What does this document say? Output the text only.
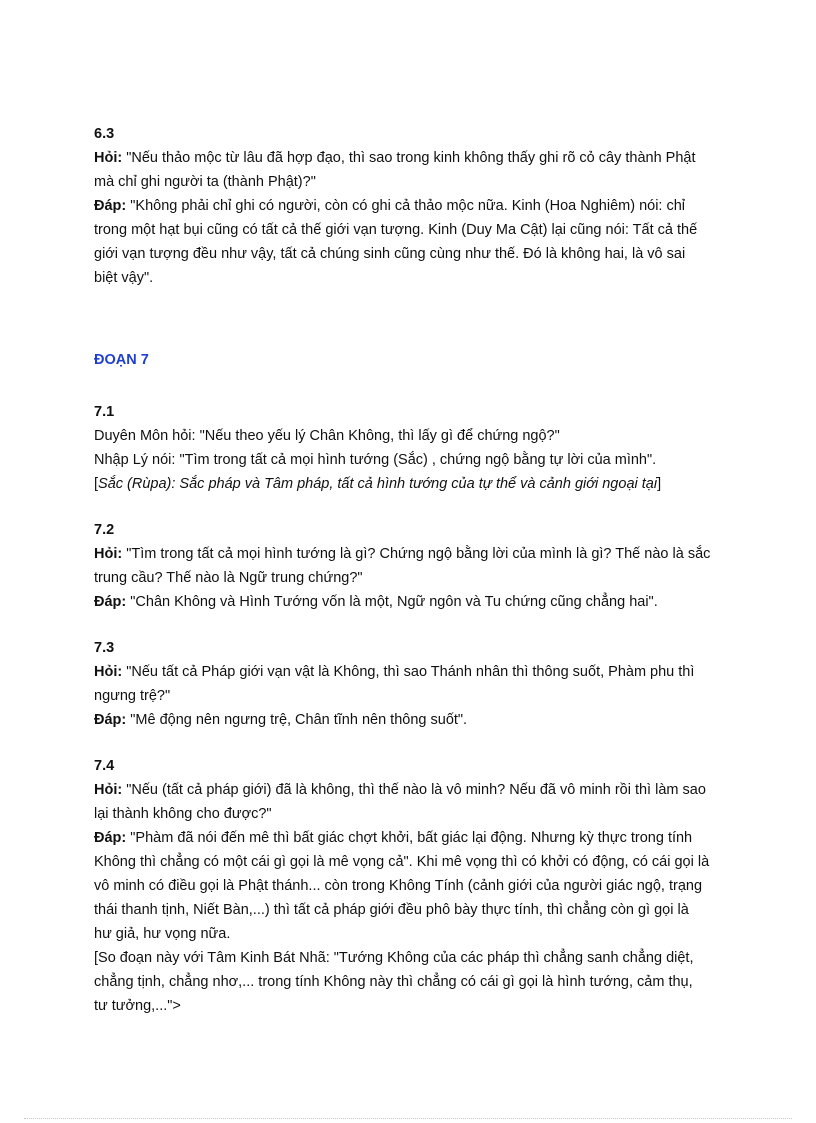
6.3

Hỏi: "Nếu thảo mộc từ lâu đã hợp đạo, thì sao trong kinh không thấy ghi rõ cỏ cây thành Phật

mà chỉ ghi người ta (thành Phật)?"

Đáp: "Không phải chỉ ghi có người, còn có ghi cả thảo mộc nữa. Kinh (Hoa Nghiêm) nói: chỉ

trong một hạt bụi cũng có tất cả thế giới vạn tượng. Kinh (Duy Ma Cật) lại cũng nói: Tất cả thế

giới vạn tượng đều như vậy, tất cả chúng sinh cũng cùng như thế. Đó là không hai, là vô sai

biệt vậy".

ĐOẠN 7

7.1

Duyên Môn hỏi: "Nếu theo yếu lý Chân Không, thì lấy gì để chứng ngộ?"

Nhập Lý nói: "Tìm trong tất cả mọi hình tướng (Sắc) , chứng ngộ bằng tự lời của mình".

[Sắc (Rùpa): Sắc pháp và Tâm pháp, tất cả hình tướng của tự thể và cảnh giới ngoại tại]

7.2

Hỏi: "Tìm trong tất cả mọi hình tướng là gì? Chứng ngộ bằng lời của mình là gì? Thế nào là sắc

trung cầu? Thế nào là Ngữ trung chứng?"

Đáp: "Chân Không và Hình Tướng vốn là một, Ngữ ngôn và Tu chứng cũng chẳng hai".

7.3

Hỏi: "Nếu tất cả Pháp giới vạn vật là Không, thì sao Thánh nhân thì thông suốt, Phàm phu thì

ngưng trệ?"

Đáp: "Mê động nên ngưng trệ, Chân tĩnh nên thông suốt".

7.4

Hỏi: "Nếu (tất cả pháp giới) đã là không, thì thế nào là vô minh? Nếu đã vô minh rồi thì làm sao

lại thành không cho được?"

Đáp: "Phàm đã nói đến mê thì bất giác chợt khởi, bất giác lại động. Nhưng kỳ thực trong tính

Không thì chẳng có một cái gì gọi là mê vọng cả". Khi mê vọng thì có khởi có động, có cái gọi là

vô minh có điều gọi là Phật thánh... còn trong Không Tính (cảnh giới của người giác ngộ, trạng

thái thanh tịnh, Niết Bàn,...) thì tất cả pháp giới đều phô bày thực tính, thì chẳng còn gì gọi là

hư giả, hư vọng nữa.

[So đoạn này với Tâm Kinh Bát Nhã: "Tướng Không của các pháp thì chẳng sanh chẳng diệt,

chẳng tịnh, chẳng nhơ,... trong tính Không này thì chẳng có cái gì gọi là hình tướng, cảm thụ,

tư tưởng,...">
